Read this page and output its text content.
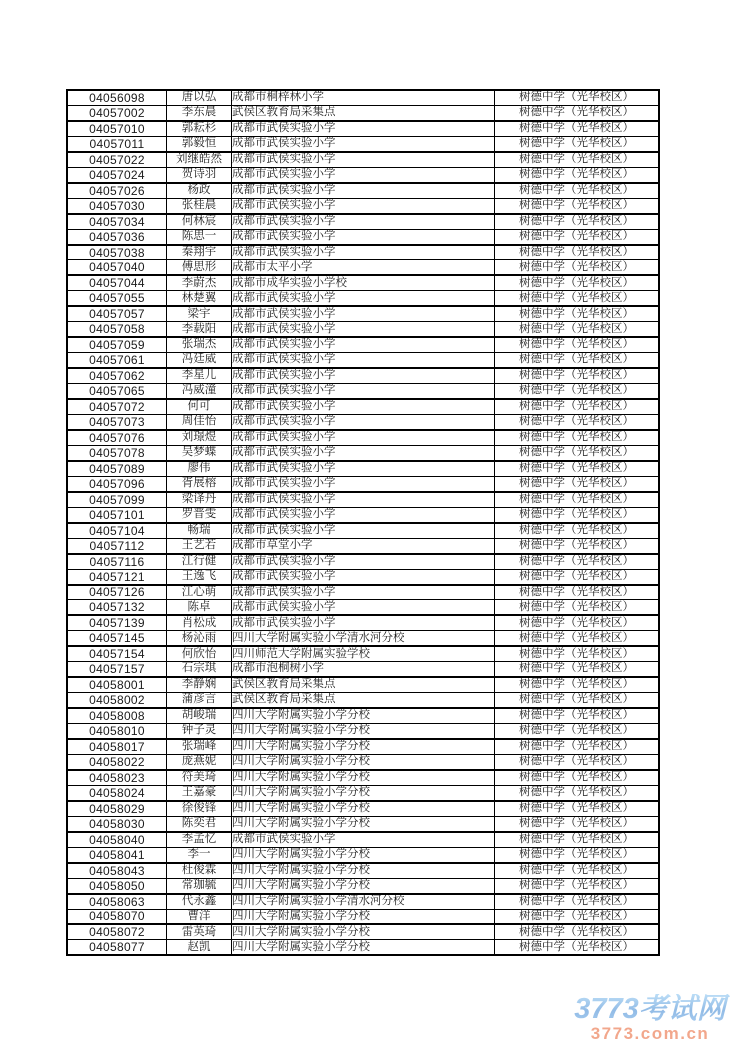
04056098	唐以弘	成都市桐梓林小学	树德中学（光华校区）
04057002	李东晨	武侯区教育局采集点	树德中学（光华校区）
04057010	郭耘杉	成都市武侯实验小学	树德中学（光华校区）
04057011	郭毅恒	成都市武侯实验小学	树德中学（光华校区）
04057022	刘继皓然	成都市武侯实验小学	树德中学（光华校区）
04057024	贺诗羽	成都市武侯实验小学	树德中学（光华校区）
04057026	杨政	成都市武侯实验小学	树德中学（光华校区）
04057030	张桂晨	成都市武侯实验小学	树德中学（光华校区）
04057034	何林宸	成都市武侯实验小学	树德中学（光华校区）
04057036	陈思一	成都市武侯实验小学	树德中学（光华校区）
04057038	秦翔宇	成都市武侯实验小学	树德中学（光华校区）
04057040	傅思形	成都市太平小学	树德中学（光华校区）
04057044	李蔚杰	成都市成华实验小学校	树德中学（光华校区）
04057055	林楚翼	成都市武侯实验小学	树德中学（光华校区）
04057057	梁宇	成都市武侯实验小学	树德中学（光华校区）
04057058	李载阳	成都市武侯实验小学	树德中学（光华校区）
04057059	张瑞杰	成都市武侯实验小学	树德中学（光华校区）
04057061	冯廷威	成都市武侯实验小学	树德中学（光华校区）
04057062	李星儿	成都市武侯实验小学	树德中学（光华校区）
04057065	冯威潼	成都市武侯实验小学	树德中学（光华校区）
04057072	何可	成都市武侯实验小学	树德中学（光华校区）
04057073	周佳怡	成都市武侯实验小学	树德中学（光华校区）
04057076	刘璟煜	成都市武侯实验小学	树德中学（光华校区）
04057078	吴梦蝶	成都市武侯实验小学	树德中学（光华校区）
04057089	廖伟	成都市武侯实验小学	树德中学（光华校区）
04057096	胥展榕	成都市武侯实验小学	树德中学（光华校区）
04057099	梁译丹	成都市武侯实验小学	树德中学（光华校区）
04057101	罗晋雯	成都市武侯实验小学	树德中学（光华校区）
04057104	畅瑞	成都市武侯实验小学	树德中学（光华校区）
04057112	王艺若	成都市草堂小学	树德中学（光华校区）
04057116	江行健	成都市武侯实验小学	树德中学（光华校区）
04057121	王逸飞	成都市武侯实验小学	树德中学（光华校区）
04057126	江心萌	成都市武侯实验小学	树德中学（光华校区）
04057132	陈卓	成都市武侯实验小学	树德中学（光华校区）
04057139	肖松成	成都市武侯实验小学	树德中学（光华校区）
04057145	杨沁雨	四川大学附属实验小学清水河分校	树德中学（光华校区）
04057154	何欣怡	四川师范大学附属实验学校	树德中学（光华校区）
04057157	石宗琪	成都市泡桐树小学	树德中学（光华校区）
04058001	李静娴	武侯区教育局采集点	树德中学（光华校区）
04058002	蒲彦言	武侯区教育局采集点	树德中学（光华校区）
04058008	胡峻瑞	四川大学附属实验小学分校	树德中学（光华校区）
04058010	钟子灵	四川大学附属实验小学分校	树德中学（光华校区）
04058017	张瑞峰	四川大学附属实验小学分校	树德中学（光华校区）
04058022	庞燕妮	四川大学附属实验小学分校	树德中学（光华校区）
04058023	符美琦	四川大学附属实验小学分校	树德中学（光华校区）
04058024	王嘉豪	四川大学附属实验小学分校	树德中学（光华校区）
04058029	徐俊锋	四川大学附属实验小学分校	树德中学（光华校区）
04058030	陈奕君	四川大学附属实验小学分校	树德中学（光华校区）
04058040	李孟忆	成都市武侯实验小学	树德中学（光华校区）
04058041	李一	四川大学附属实验小学分校	树德中学（光华校区）
04058043	杜俊霖	四川大学附属实验小学分校	树德中学（光华校区）
04058050	常珈毓	四川大学附属实验小学分校	树德中学（光华校区）
04058063	代永鑫	四川大学附属实验小学清水河分校	树德中学（光华校区）
04058070	曹洋	四川大学附属实验小学分校	树德中学（光华校区）
04058072	雷英琦	四川大学附属实验小学分校	树德中学（光华校区）
04058077	赵凯	四川大学附属实验小学分校	树德中学（光华校区）
3773考试网
3773.com.cn
